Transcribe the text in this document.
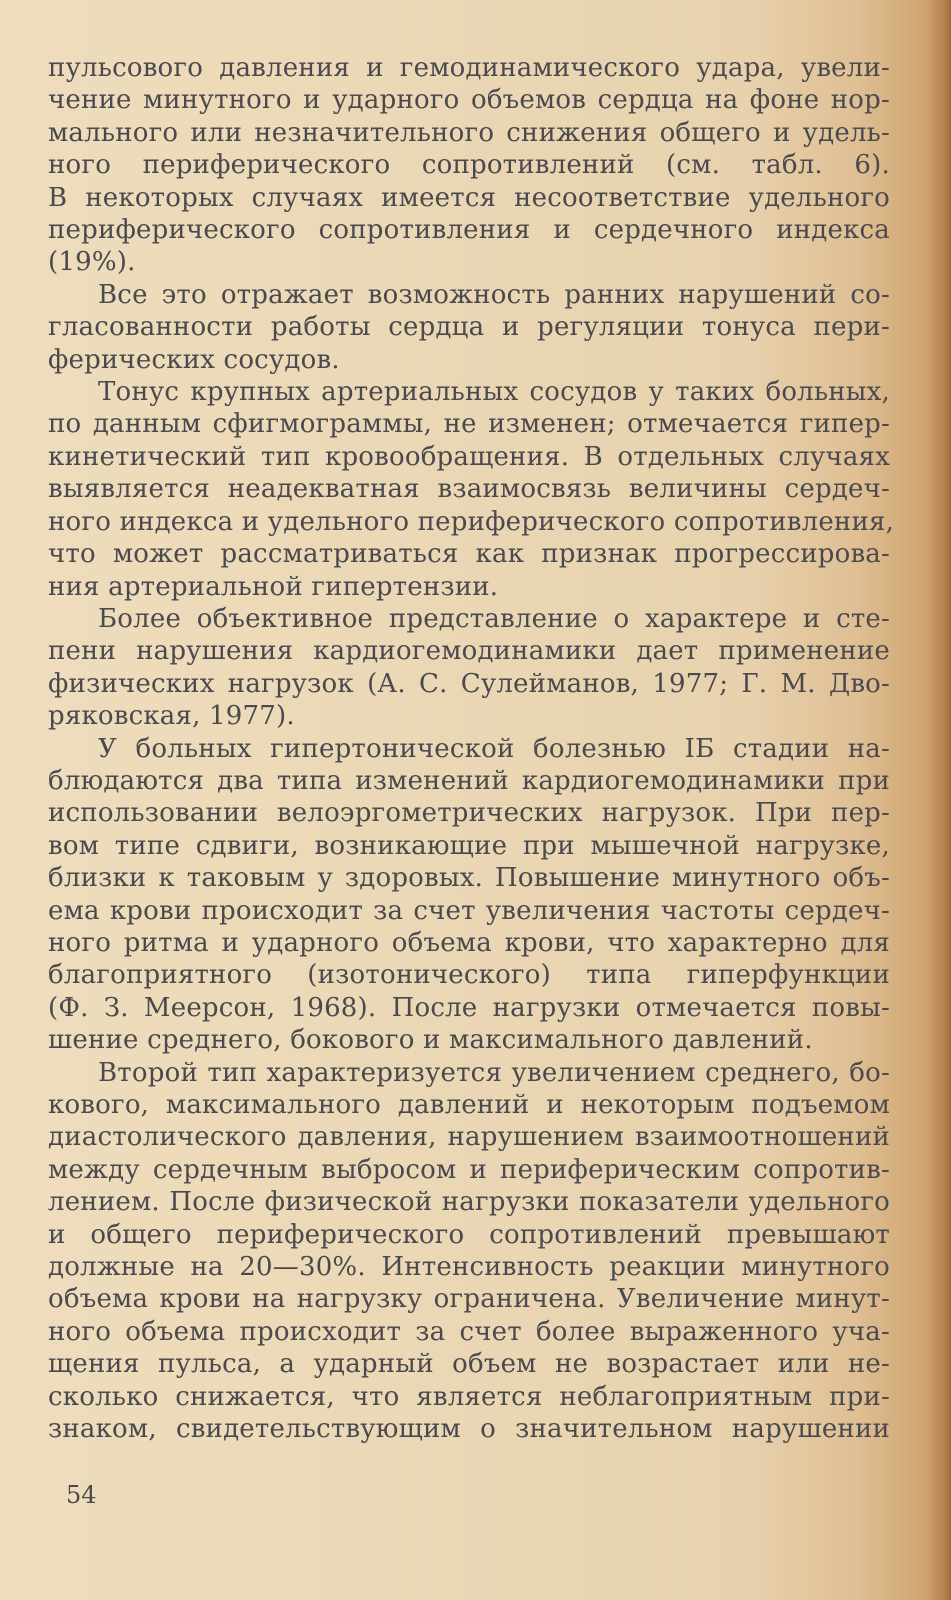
пульсового давления и гемодинамического удара, увели-
чение минутного и ударного объемов сердца на фоне нор-
мального или незначительного снижения общего и удель-
ного периферического сопротивлений (см. табл. 6).
В некоторых случаях имеется несоответствие удельного
периферического сопротивления и сердечного индекса
(19%).
Все это отражает возможность ранних нарушений со-
гласованности работы сердца и регуляции тонуса пери-
ферических сосудов.
Тонус крупных артериальных сосудов у таких больных,
по данным сфигмограммы, не изменен; отмечается гипер-
кинетический тип кровообращения. В отдельных случаях
выявляется неадекватная взаимосвязь величины сердеч-
ного индекса и удельного периферического сопротивления,
что может рассматриваться как признак прогрессирова-
ния артериальной гипертензии.
Более объективное представление о характере и сте-
пени нарушения кардиогемодинамики дает применение
физических нагрузок (А. С. Сулейманов, 1977; Г. М. Дво-
ряковская, 1977).
У больных гипертонической болезнью IБ стадии на-
блюдаются два типа изменений кардиогемодинамики при
использовании велоэргометрических нагрузок. При пер-
вом типе сдвиги, возникающие при мышечной нагрузке,
близки к таковым у здоровых. Повышение минутного объ-
ема крови происходит за счет увеличения частоты сердеч-
ного ритма и ударного объема крови, что характерно для
благоприятного (изотонического) типа гиперфункции
(Ф. З. Меерсон, 1968). После нагрузки отмечается повы-
шение среднего, бокового и максимального давлений.
Второй тип характеризуется увеличением среднего, бо-
кового, максимального давлений и некоторым подъемом
диастолического давления, нарушением взаимоотношений
между сердечным выбросом и периферическим сопротив-
лением. После физической нагрузки показатели удельного
и общего периферического сопротивлений превышают
должные на 20—30%. Интенсивность реакции минутного
объема крови на нагрузку ограничена. Увеличение минут-
ного объема происходит за счет более выраженного уча-
щения пульса, а ударный объем не возрастает или не-
сколько снижается, что является неблагоприятным при-
знаком, свидетельствующим о значительном нарушении
54
